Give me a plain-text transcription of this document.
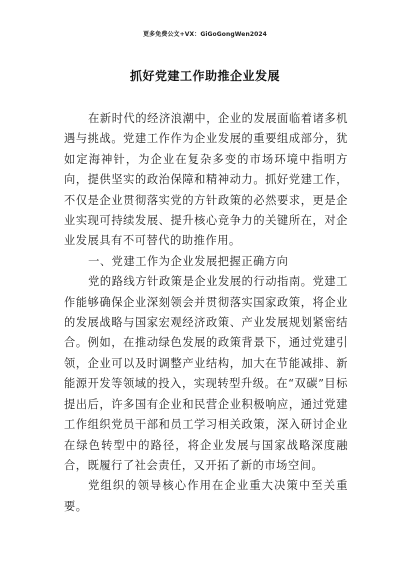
更多免费公文+VX：GiGoGongWen2024
抓好党建工作助推企业发展

在新时代的经济浪潮中，企业的发展面临着诸多机遇与挑战。党建工作作为企业发展的重要组成部分，犹如定海神针，为企业在复杂多变的市场环境中指明方向，提供坚实的政治保障和精神动力。抓好党建工作，不仅是企业贯彻落实党的方针政策的必然要求，更是企业实现可持续发展、提升核心竞争力的关键所在，对企业发展具有不可替代的助推作用。

一、党建工作为企业发展把握正确方向

党的路线方针政策是企业发展的行动指南。党建工作能够确保企业深刻领会并贯彻落实国家政策，将企业的发展战略与国家宏观经济政策、产业发展规划紧密结合。例如，在推动绿色发展的政策背景下，通过党建引领，企业可以及时调整产业结构，加大在节能减排、新能源开发等领域的投入，实现转型升级。在“双碳”目标提出后，许多国有企业和民营企业积极响应，通过党建工作组织党员干部和员工学习相关政策，深入研讨企业在绿色转型中的路径，将企业发展与国家战略深度融合，既履行了社会责任，又开拓了新的市场空间。

党组织的领导核心作用在企业重大决策中至关重要。
